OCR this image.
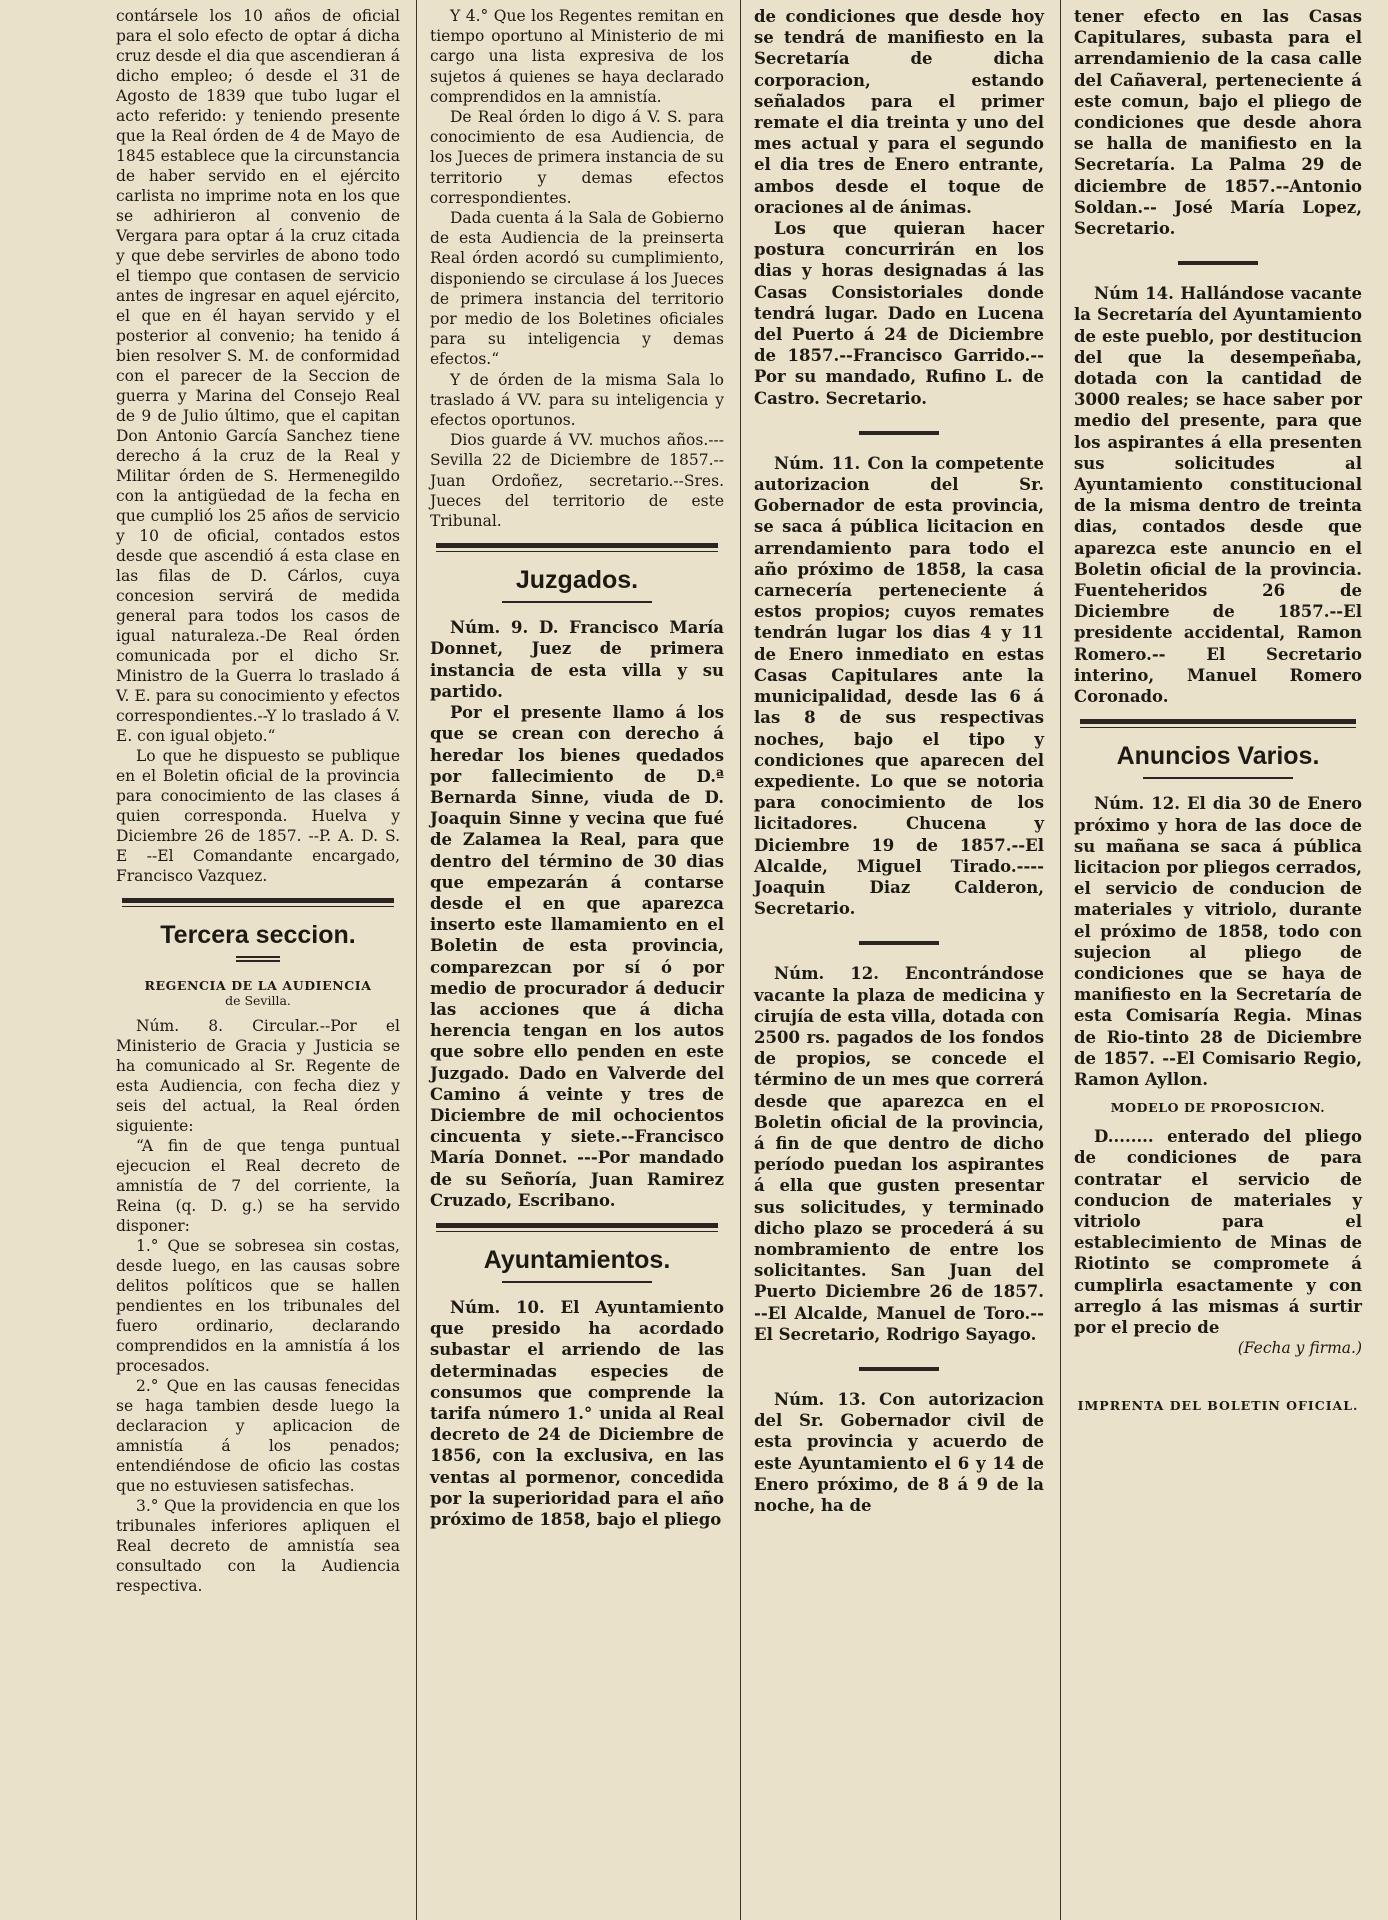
contársele los 10 años de oficial para el solo efecto de optar á dicha cruz desde el dia que ascendieran á dicho empleo; ó desde el 31 de Agosto de 1839 que tubo lugar el acto referido: y teniendo presente que la Real órden de 4 de Mayo de 1845 establece que la circunstancia de haber servido en el ejército carlista no imprime nota en los que se adhirieron al convenio de Vergara para optar á la cruz citada y que debe servirles de abono todo el tiempo que contasen de servicio antes de ingresar en aquel ejército, el que en él hayan servido y el posterior al convenio; ha tenido á bien resolver S. M. de conformidad con el parecer de la Seccion de guerra y Marina del Consejo Real de 9 de Julio último, que el capitan Don Antonio García Sanchez tiene derecho á la cruz de la Real y Militar órden de S. Hermenegildo con la antigüedad de la fecha en que cumplió los 25 años de servicio y 10 de oficial, contados estos desde que ascendió á esta clase en las filas de D. Cárlos, cuya concesion servirá de medida general para todos los casos de igual naturaleza.-De Real órden comunicada por el dicho Sr. Ministro de la Guerra lo traslado á V. E. para su conocimiento y efectos correspondientes.--Y lo traslado á V. E. con igual objeto.“

Lo que he dispuesto se publique en el Boletin oficial de la provincia para conocimiento de las clases á quien corresponda. Huelva y Diciembre 26 de 1857. --P. A. D. S. E --El Comandante encargado, Francisco Vazquez.

Tercera seccion.
REGENCIA DE LA AUDIENCIA
de Sevilla.

Núm. 8. Circular.--Por el Ministerio de Gracia y Justicia se ha comunicado al Sr. Regente de esta Audiencia, con fecha diez y seis del actual, la Real órden siguiente:

“A fin de que tenga puntual ejecucion el Real decreto de amnistía de 7 del corriente, la Reina (q. D. g.) se ha servido disponer:

1.° Que se sobresea sin costas, desde luego, en las causas sobre delitos políticos que se hallen pendientes en los tribunales del fuero ordinario, declarando comprendidos en la amnistía á los procesados.

2.° Que en las causas fenecidas se haga tambien desde luego la declaracion y aplicacion de amnistía á los penados; entendiéndose de oficio las costas que no estuviesen satisfechas.

3.° Que la providencia en que los tribunales inferiores apliquen el Real decreto de amnistía sea consultado con la Audiencia respectiva.

Y 4.° Que los Regentes remitan en tiempo oportuno al Ministerio de mi cargo una lista expresiva de los sujetos á quienes se haya declarado comprendidos en la amnistía.

De Real órden lo digo á V. S. para conocimiento de esa Audiencia, de los Jueces de primera instancia de su territorio y demas efectos correspondientes.

Dada cuenta á la Sala de Gobierno de esta Audiencia de la preinserta Real órden acordó su cumplimiento, disponiendo se circulase á los Jueces de primera instancia del territorio por medio de los Boletines oficiales para su inteligencia y demas efectos.“

Y de órden de la misma Sala lo traslado á VV. para su inteligencia y efectos oportunos.

Dios guarde á VV. muchos años.---Sevilla 22 de Diciembre de 1857.--Juan Ordoñez, secretario.--Sres. Jueces del territorio de este Tribunal.

Juzgados.

Núm. 9. D. Francisco María Donnet, Juez de primera instancia de esta villa y su partido.

Por el presente llamo á los que se crean con derecho á heredar los bienes quedados por fallecimiento de D.ª Bernarda Sinne, viuda de D. Joaquin Sinne y vecina que fué de Zalamea la Real, para que dentro del término de 30 dias que empezarán á contarse desde el en que aparezca inserto este llamamiento en el Boletin de esta provincia, comparezcan por sí ó por medio de procurador á deducir las acciones que á dicha herencia tengan en los autos que sobre ello penden en este Juzgado. Dado en Valverde del Camino á veinte y tres de Diciembre de mil ochocientos cincuenta y siete.--Francisco María Donnet. ---Por mandado de su Señoría, Juan Ramirez Cruzado, Escribano.

Ayuntamientos.

Núm. 10. El Ayuntamiento que presido ha acordado subastar el arriendo de las determinadas especies de consumos que comprende la tarifa número 1.° unida al Real decreto de 24 de Diciembre de 1856, con la exclusiva, en las ventas al pormenor, concedida por la superioridad para el año próximo de 1858, bajo el pliego

de condiciones que desde hoy se tendrá de manifiesto en la Secretaría de dicha corporacion, estando señalados para el primer remate el dia treinta y uno del mes actual y para el segundo el dia tres de Enero entrante, ambos desde el toque de oraciones al de ánimas.

Los que quieran hacer postura concurrirán en los dias y horas designadas á las Casas Consistoriales donde tendrá lugar. Dado en Lucena del Puerto á 24 de Diciembre de 1857.--Francisco Garrido.--Por su mandado, Rufino L. de Castro. Secretario.

Núm. 11. Con la competente autorizacion del Sr. Gobernador de esta provincia, se saca á pública licitacion en arrendamiento para todo el año próximo de 1858, la casa carnecería perteneciente á estos propios; cuyos remates tendrán lugar los dias 4 y 11 de Enero inmediato en estas Casas Capitulares ante la municipalidad, desde las 6 á las 8 de sus respectivas noches, bajo el tipo y condiciones que aparecen del expediente. Lo que se notoria para conocimiento de los licitadores. Chucena y Diciembre 19 de 1857.--El Alcalde, Miguel Tirado.----Joaquin Diaz Calderon, Secretario.

Núm. 12. Encontrándose vacante la plaza de medicina y cirujía de esta villa, dotada con 2500 rs. pagados de los fondos de propios, se concede el término de un mes que correrá desde que aparezca en el Boletin oficial de la provincia, á fin de que dentro de dicho período puedan los aspirantes á ella que gusten presentar sus solicitudes, y terminado dicho plazo se procederá á su nombramiento de entre los solicitantes. San Juan del Puerto Diciembre 26 de 1857. --El Alcalde, Manuel de Toro.--El Secretario, Rodrigo Sayago.

Núm. 13. Con autorizacion del Sr. Gobernador civil de esta provincia y acuerdo de este Ayuntamiento el 6 y 14 de Enero próximo, de 8 á 9 de la noche, ha de

tener efecto en las Casas Capitulares, subasta para el arrendamienio de la casa calle del Cañaveral, perteneciente á este comun, bajo el pliego de condiciones que desde ahora se halla de manifiesto en la Secretaría. La Palma 29 de diciembre de 1857.--Antonio Soldan.-- José María Lopez, Secretario.

Núm 14. Hallándose vacante la Secretaría del Ayuntamiento de este pueblo, por destitucion del que la desempeñaba, dotada con la cantidad de 3000 reales; se hace saber por medio del presente, para que los aspirantes á ella presenten sus solicitudes al Ayuntamiento constitucional de la misma dentro de treinta dias, contados desde que aparezca este anuncio en el Boletin oficial de la provincia. Fuenteheridos 26 de Diciembre de 1857.--El presidente accidental, Ramon Romero.-- El Secretario interino, Manuel Romero Coronado.

Anuncios Varios.

Núm. 12. El dia 30 de Enero próximo y hora de las doce de su mañana se saca á pública licitacion por pliegos cerrados, el servicio de conducion de materiales y vitriolo, durante el próximo de 1858, todo con sujecion al pliego de condiciones que se haya de manifiesto en la Secretaría de esta Comisaría Regia. Minas de Rio-tinto 28 de Diciembre de 1857. --El Comisario Regio, Ramon Ayllon.

MODELO DE PROPOSICION.

D........ enterado del pliego de condiciones de para contratar el servicio de conducion de materiales y vitriolo para el establecimiento de Minas de Riotinto se compromete á cumplirla esactamente y con arreglo á las mismas á surtir por el precio de

(Fecha y firma.)

IMPRENTA DEL BOLETIN OFICIAL.
